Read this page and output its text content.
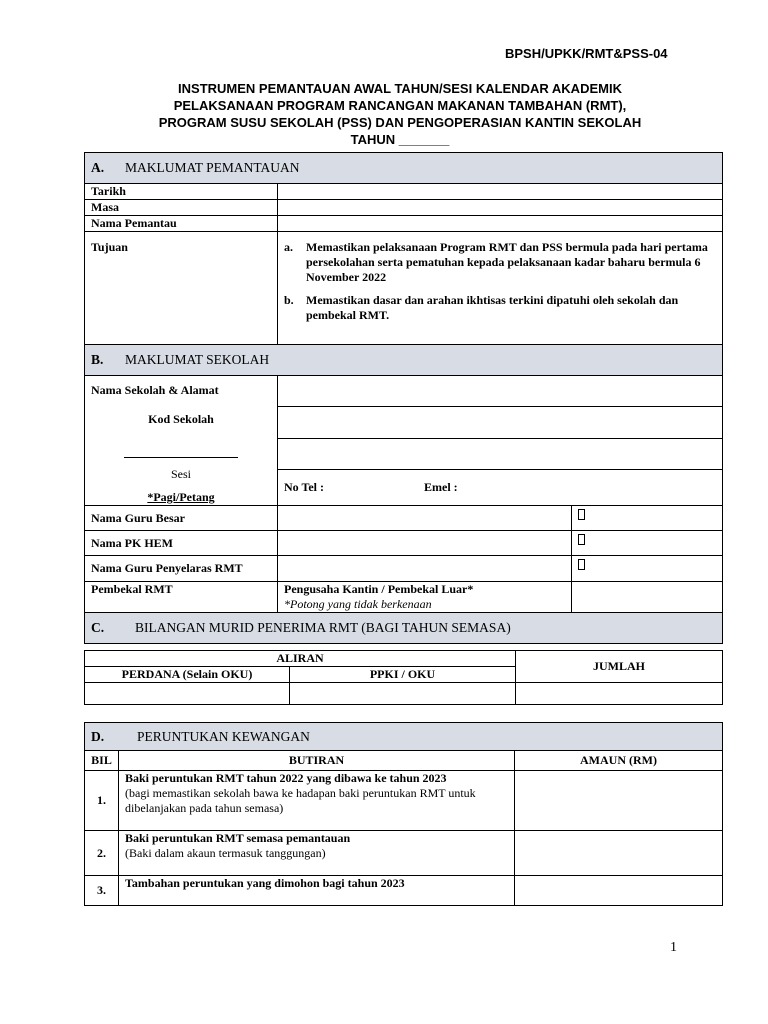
BPSH/UPKK/RMT&PSS-04
INSTRUMEN PEMANTAUAN AWAL TAHUN/SESI KALENDAR AKADEMIK
PELAKSANAAN PROGRAM RANCANGAN MAKANAN TAMBAHAN (RMT),
PROGRAM SUSU SEKOLAH (PSS) DAN PENGOPERASIAN KANTIN SEKOLAH
TAHUN _______
A. MAKLUMAT PEMANTAUAN		
Tarikh		
Masa		
Nama Pemantau		

Tujuan	a. Memastikan pelaksanaan Program RMT dan PSS bermula pada hari pertama persekolahan serta pematuhan kepada pelaksanaan kadar baharu bermula 6 November 2022
b. Memastikan dasar dan arahan ikhtisas terkini dipatuhi oleh sekolah dan pembekal RMT.	

B. MAKLUMAT SEKOLAH		

Nama Sekolah & Alamat
Kod Sekolah
Sesi
*Pagi/Petang		

	No Tel : Emel :	
Nama Guru Besar		
Nama PK HEM		
Nama Guru Penyelaras RMT		
Pembekal RMT	Pengusaha Kantin / Pembekal Luar*
*Potong yang tidak berkenaan	

C. BILANGAN MURID PENERIMA RMT (BAGI TAHUN SEMASA)		
ALIRAN		JUMLAH
PERDANA (Selain OKU)	PPKI / OKU	

D. PERUNTUKAN KEWANGAN		
BIL	BUTIRAN	AMAUN (RM)
1.	Baki peruntukan RMT tahun 2022 yang dibawa ke tahun 2023
(bagi memastikan sekolah bawa ke hadapan baki peruntukan RMT untuk dibelanjakan pada tahun semasa)	

2.	Baki peruntukan RMT semasa pemantauan
(Baki dalam akaun termasuk tanggungan)	

3.	Tambahan peruntukan yang dimohon bagi tahun 2023	

1
